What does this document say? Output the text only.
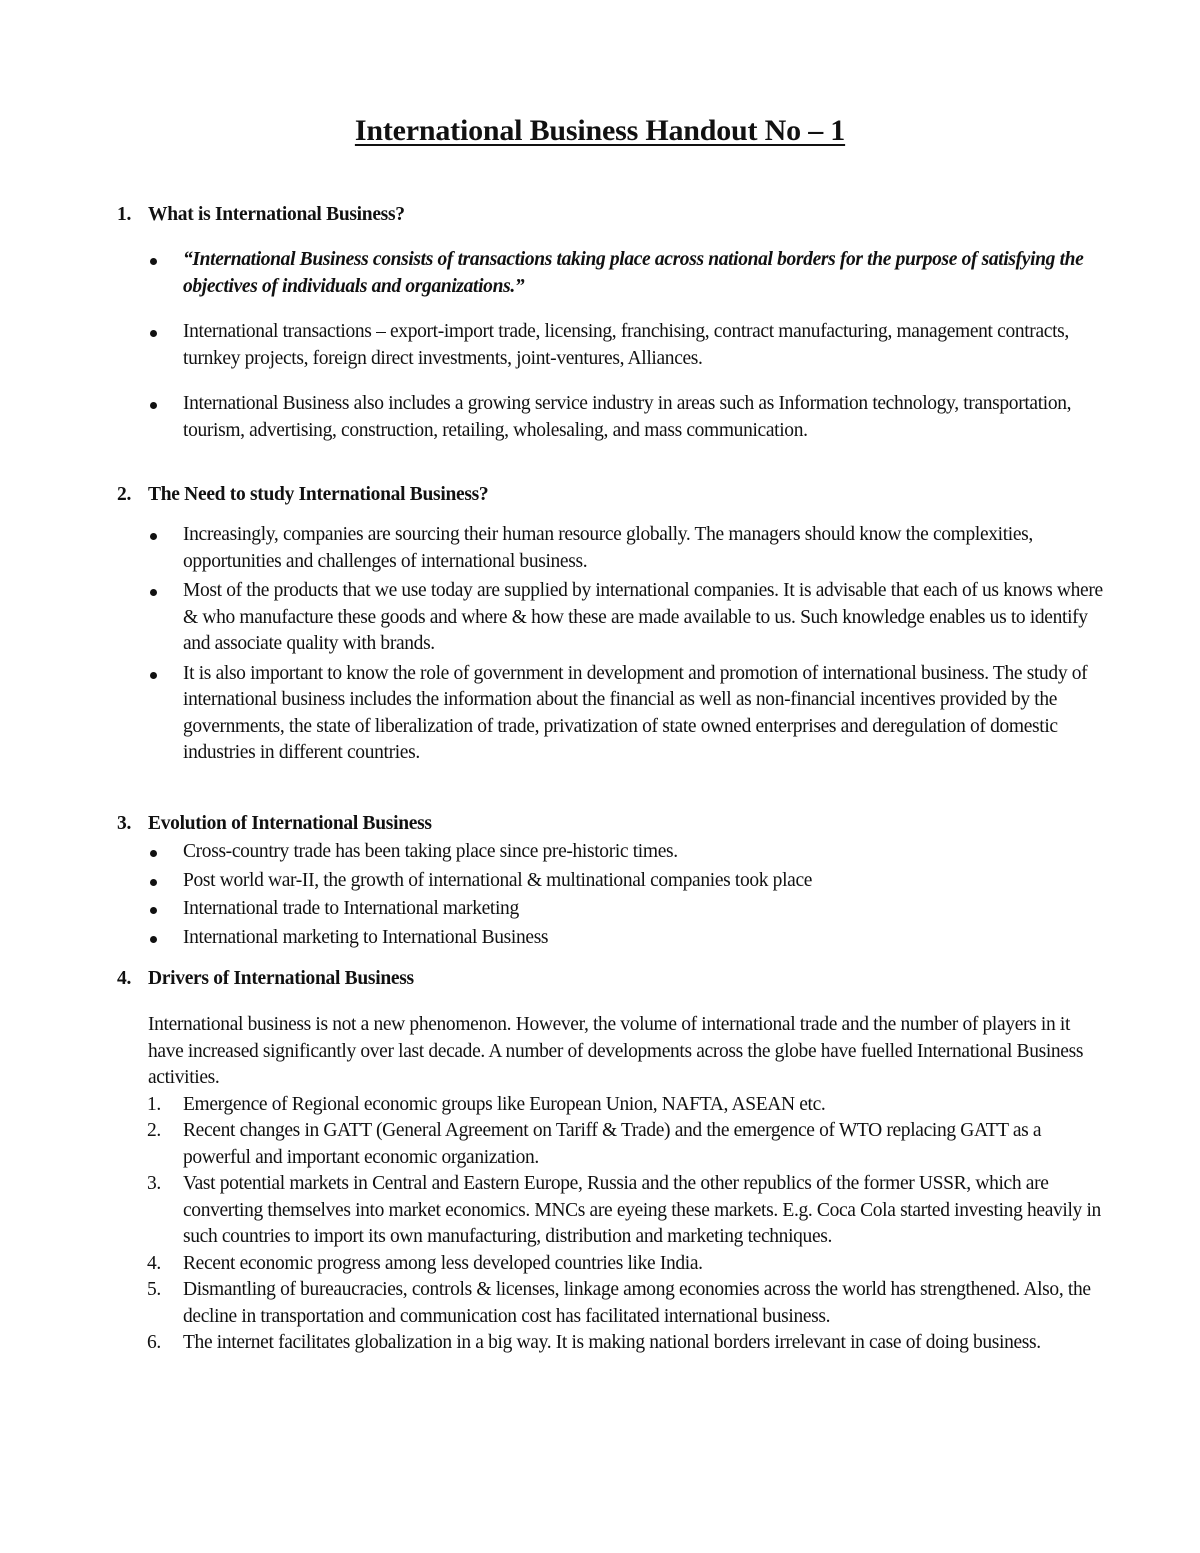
International Business Handout No – 1
1. What is International Business?
“International Business consists of transactions taking place across national borders for the purpose of satisfying the objectives of individuals and organizations.”
International transactions – export-import trade, licensing, franchising, contract manufacturing, management contracts, turnkey projects, foreign direct investments, joint-ventures, Alliances.
International Business also includes a growing service industry in areas such as Information technology, transportation, tourism, advertising, construction, retailing, wholesaling, and mass communication.
2. The Need to study International Business?
Increasingly, companies are sourcing their human resource globally. The managers should know the complexities, opportunities and challenges of international business.
Most of the products that we use today are supplied by international companies. It is advisable that each of us knows where & who manufacture these goods and where & how these are made available to us. Such knowledge enables us to identify and associate quality with brands.
It is also important to know the role of government in development and promotion of international business. The study of international business includes the information about the financial as well as non-financial incentives provided by the governments, the state of liberalization of trade, privatization of state owned enterprises and deregulation of domestic industries in different countries.
3. Evolution of International Business
Cross-country trade has been taking place since pre-historic times.
Post world war-II, the growth of international & multinational companies took place
International trade to International marketing
International marketing to International Business
4. Drivers of International Business
International business is not a new phenomenon. However, the volume of international trade and the number of players in it have increased significantly over last decade. A number of developments across the globe have fuelled International Business activities.
1. Emergence of Regional economic groups like European Union, NAFTA, ASEAN etc.
2. Recent changes in GATT (General Agreement on Tariff & Trade) and the emergence of WTO replacing GATT as a powerful and important economic organization.
3. Vast potential markets in Central and Eastern Europe, Russia and the other republics of the former USSR, which are converting themselves into market economics. MNCs are eyeing these markets. E.g. Coca Cola started investing heavily in such countries to import its own manufacturing, distribution and marketing techniques.
4. Recent economic progress among less developed countries like India.
5. Dismantling of bureaucracies, controls & licenses, linkage among economies across the world has strengthened. Also, the decline in transportation and communication cost has facilitated international business.
6. The internet facilitates globalization in a big way. It is making national borders irrelevant in case of doing business.
